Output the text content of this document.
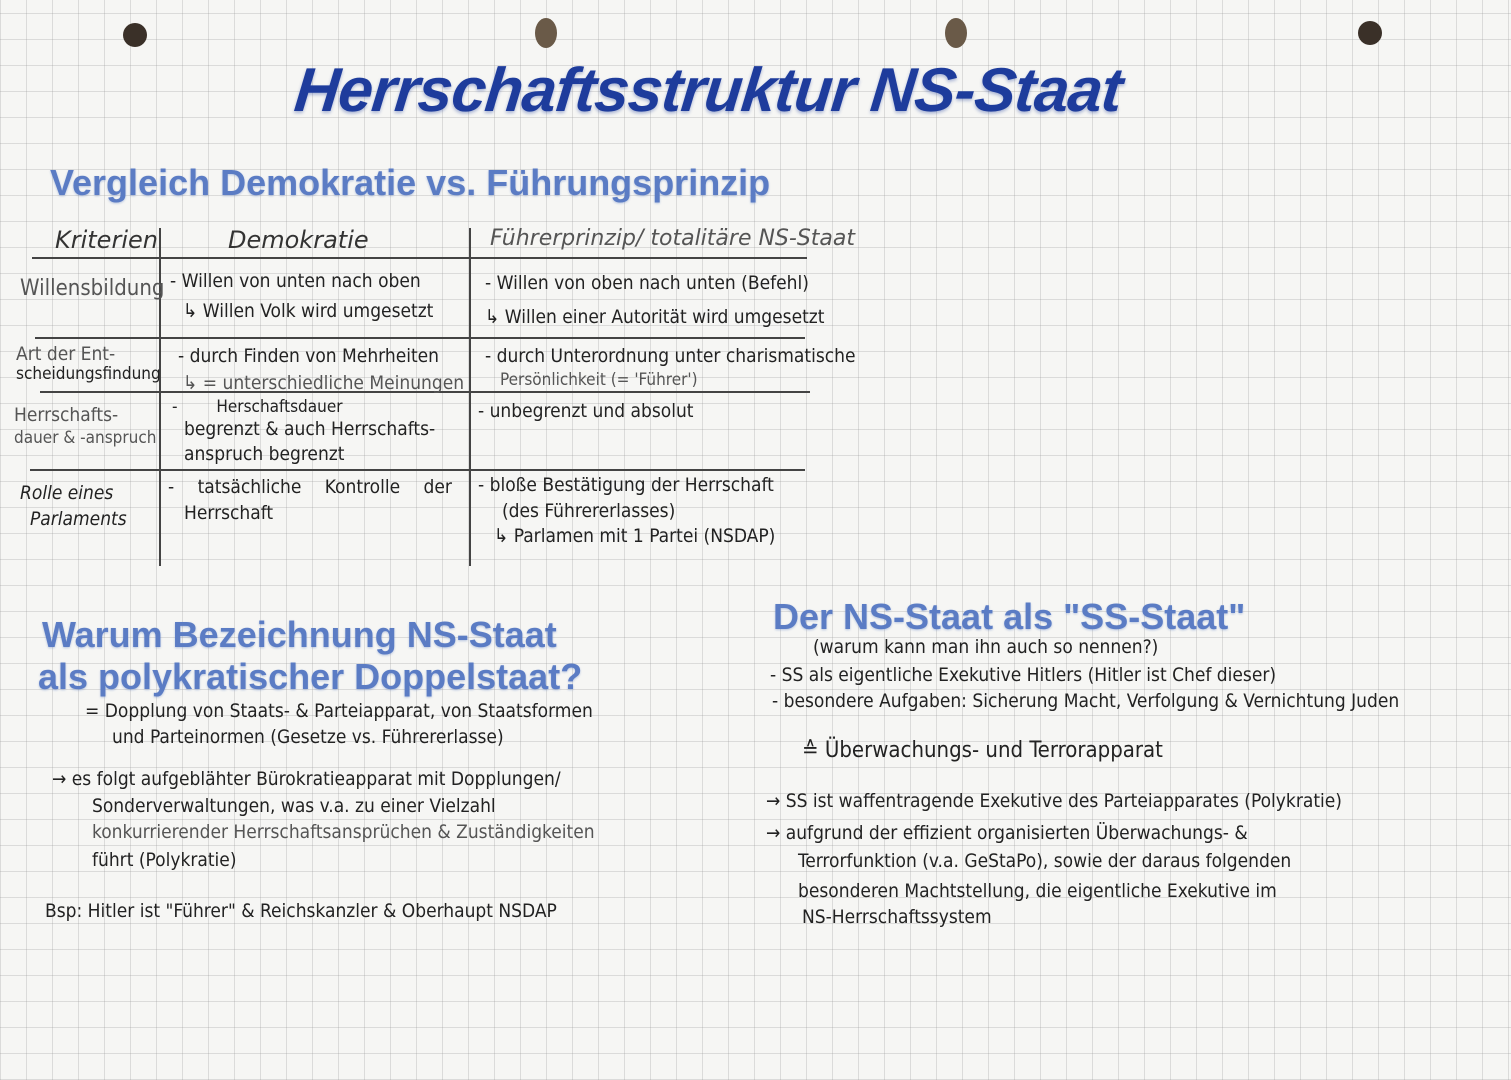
Herrschaftsstruktur NS-Staat
Vergleich Demokratie vs. Führungsprinzip
Kriterien	Demokratie	Führerprinzip/ totalitäre NS-Staat
Willensbildung - Willen von unten nach oben
↳ Willen Volk wird umgesetzt
- Willen von oben nach unten (Befehl)
↳ Willen einer Autorität wird umgesetzt
Art der Ent-
scheidungsfindung
- durch Finden von Mehrheiten
↳ = unterschiedliche Meinungen
- durch Unterordnung unter charismatische
Persönlichkeit (= 'Führer')
Herrschafts-
dauer & -anspruch
-        Herschaftsdauer
begrenzt & auch Herrschafts-
anspruch begrenzt
- unbegrenzt und absolut
Rolle eines
Parlaments
- tatsächliche Kontrolle der
Herrschaft
- bloße Bestätigung der Herrschaft
(des Führererlasses)
↳ Parlamen mit 1 Partei (NSDAP)
Warum Bezeichnung NS-Staat
als polykratischer Doppelstaat?
= Dopplung von Staats- & Parteiapparat, von Staatsformen
und Parteinormen (Gesetze vs. Führererlasse)
→ es folgt aufgeblähter Bürokratieapparat mit Dopplungen/
Sonderverwaltungen, was v.a. zu einer Vielzahl
konkurrierender Herrschaftsansprüchen & Zuständigkeiten
führt (Polykratie)
Bsp: Hitler ist "Führer" & Reichskanzler & Oberhaupt NSDAP
Der NS-Staat als "SS-Staat"
(warum kann man ihn auch so nennen?)
- SS als eigentliche Exekutive Hitlers (Hitler ist Chef dieser)
- besondere Aufgaben: Sicherung Macht, Verfolgung & Vernichtung Juden
≙ Überwachungs- und Terrorapparat
→ SS ist waffentragende Exekutive des Parteiapparates (Polykratie)
→ aufgrund der effizient organisierten Überwachungs- &
Terrorfunktion (v.a. GeStaPo), sowie der daraus folgenden
besonderen Machtstellung, die eigentliche Exekutive im
NS-Herrschaftssystem
